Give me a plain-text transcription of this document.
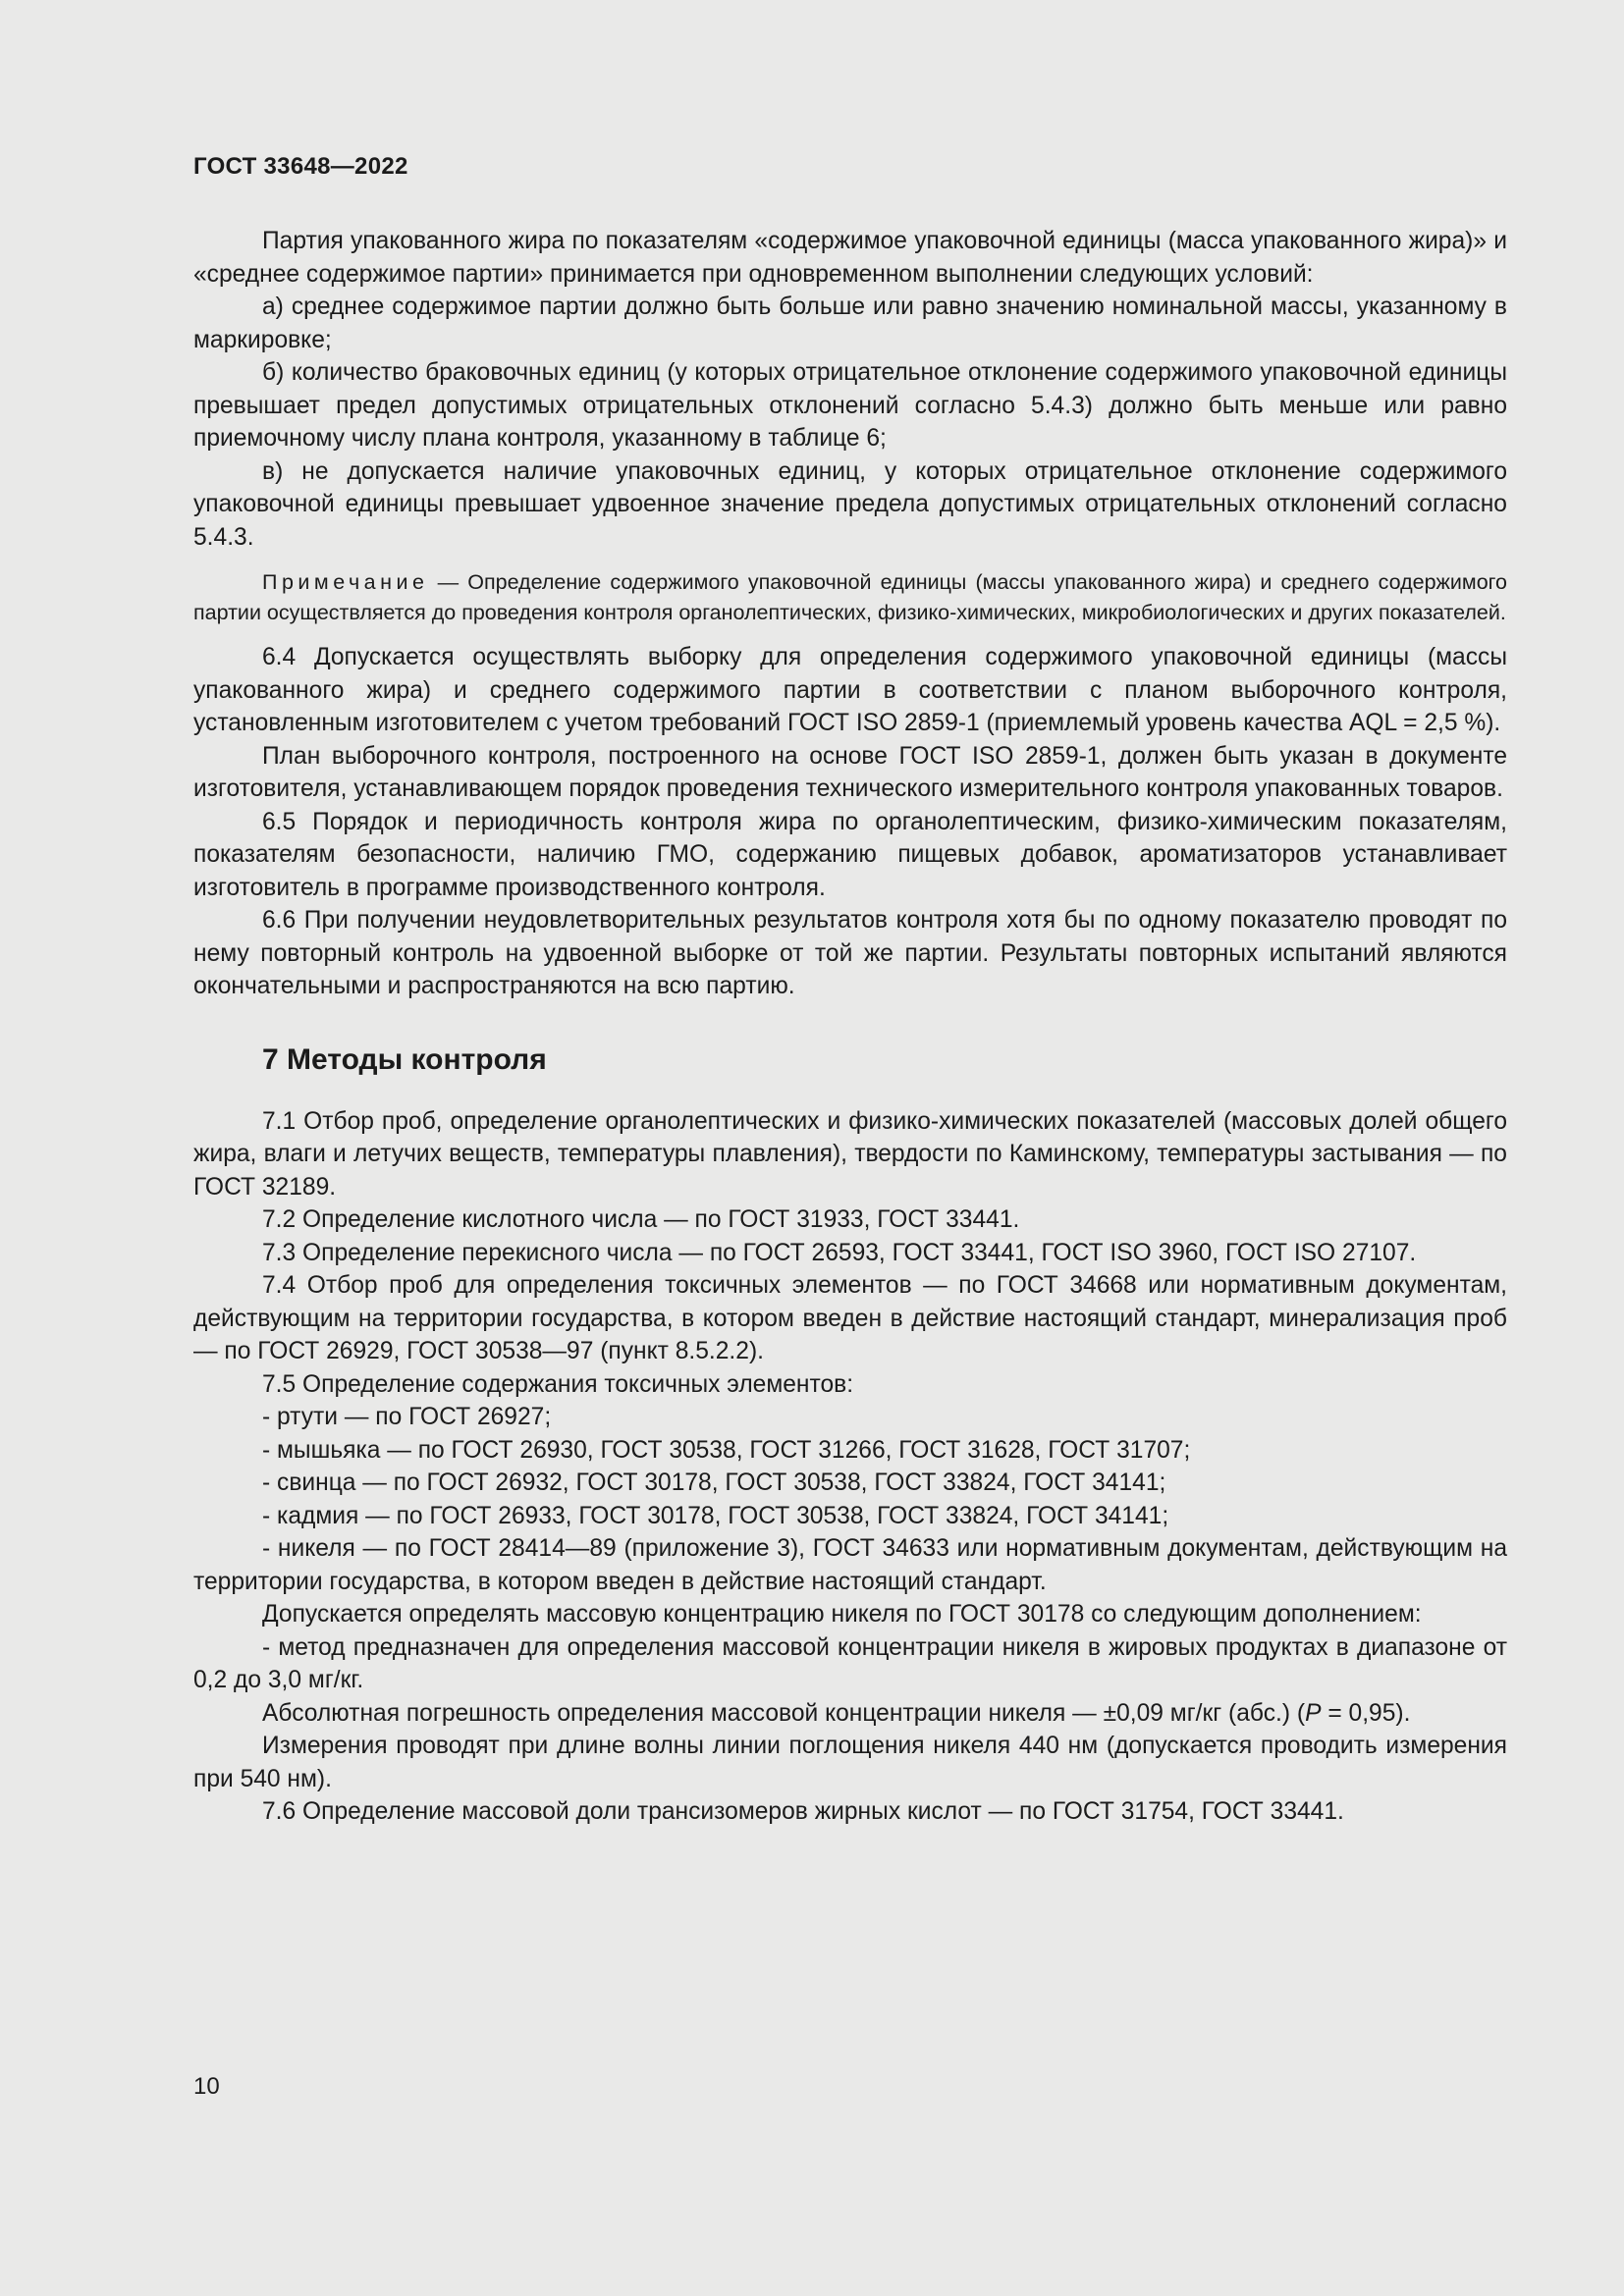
ГОСТ 33648—2022

Партия упакованного жира по показателям «содержимое упаковочной единицы (масса упакованного жира)» и «среднее содержимое партии» принимается при одновременном выполнении следующих условий:

а) среднее содержимое партии должно быть больше или равно значению номинальной массы, указанному в маркировке;

б) количество браковочных единиц (у которых отрицательное отклонение содержимого упаковочной единицы превышает предел допустимых отрицательных отклонений согласно 5.4.3) должно быть меньше или равно приемочному числу плана контроля, указанному в таблице 6;

в) не допускается наличие упаковочных единиц, у которых отрицательное отклонение содержимого упаковочной единицы превышает удвоенное значение предела допустимых отрицательных отклонений согласно 5.4.3.

Примечание — Определение содержимого упаковочной единицы (массы упакованного жира) и среднего содержимого партии осуществляется до проведения контроля органолептических, физико-химических, микробиологических и других показателей.

6.4 Допускается осуществлять выборку для определения содержимого упаковочной единицы (массы упакованного жира) и среднего содержимого партии в соответствии с планом выборочного контроля, установленным изготовителем с учетом требований ГОСТ ISO 2859-1 (приемлемый уровень качества AQL = 2,5 %).

План выборочного контроля, построенного на основе ГОСТ ISO 2859-1, должен быть указан в документе изготовителя, устанавливающем порядок проведения технического измерительного контроля упакованных товаров.

6.5 Порядок и периодичность контроля жира по органолептическим, физико-химическим показателям, показателям безопасности, наличию ГМО, содержанию пищевых добавок, ароматизаторов устанавливает изготовитель в программе производственного контроля.

6.6 При получении неудовлетворительных результатов контроля хотя бы по одному показателю проводят по нему повторный контроль на удвоенной выборке от той же партии. Результаты повторных испытаний являются окончательными и распространяются на всю партию.

7 Методы контроля

7.1 Отбор проб, определение органолептических и физико-химических показателей (массовых долей общего жира, влаги и летучих веществ, температуры плавления), твердости по Каминскому, температуры застывания — по ГОСТ 32189.

7.2 Определение кислотного числа — по ГОСТ 31933, ГОСТ 33441.

7.3 Определение перекисного числа — по ГОСТ 26593, ГОСТ 33441, ГОСТ ISO 3960, ГОСТ ISO 27107.

7.4 Отбор проб для определения токсичных элементов — по ГОСТ 34668 или нормативным документам, действующим на территории государства, в котором введен в действие настоящий стандарт, минерализация проб — по ГОСТ 26929, ГОСТ 30538—97 (пункт 8.5.2.2).

7.5 Определение содержания токсичных элементов:

- ртути — по ГОСТ 26927;

- мышьяка — по ГОСТ 26930, ГОСТ 30538, ГОСТ 31266, ГОСТ 31628, ГОСТ 31707;

- свинца — по ГОСТ 26932, ГОСТ 30178, ГОСТ 30538, ГОСТ 33824, ГОСТ 34141;

- кадмия — по ГОСТ 26933, ГОСТ 30178, ГОСТ 30538, ГОСТ 33824, ГОСТ 34141;

- никеля — по ГОСТ 28414—89 (приложение 3), ГОСТ 34633 или нормативным документам, действующим на территории государства, в котором введен в действие настоящий стандарт.

Допускается определять массовую концентрацию никеля по ГОСТ 30178 со следующим дополнением:

- метод предназначен для определения массовой концентрации никеля в жировых продуктах в диапазоне от 0,2 до 3,0 мг/кг.

Абсолютная погрешность определения массовой концентрации никеля — ±0,09 мг/кг (абс.) (P = 0,95).

Измерения проводят при длине волны линии поглощения никеля 440 нм (допускается проводить измерения при 540 нм).

7.6 Определение массовой доли трансизомеров жирных кислот — по ГОСТ 31754, ГОСТ 33441.

10
